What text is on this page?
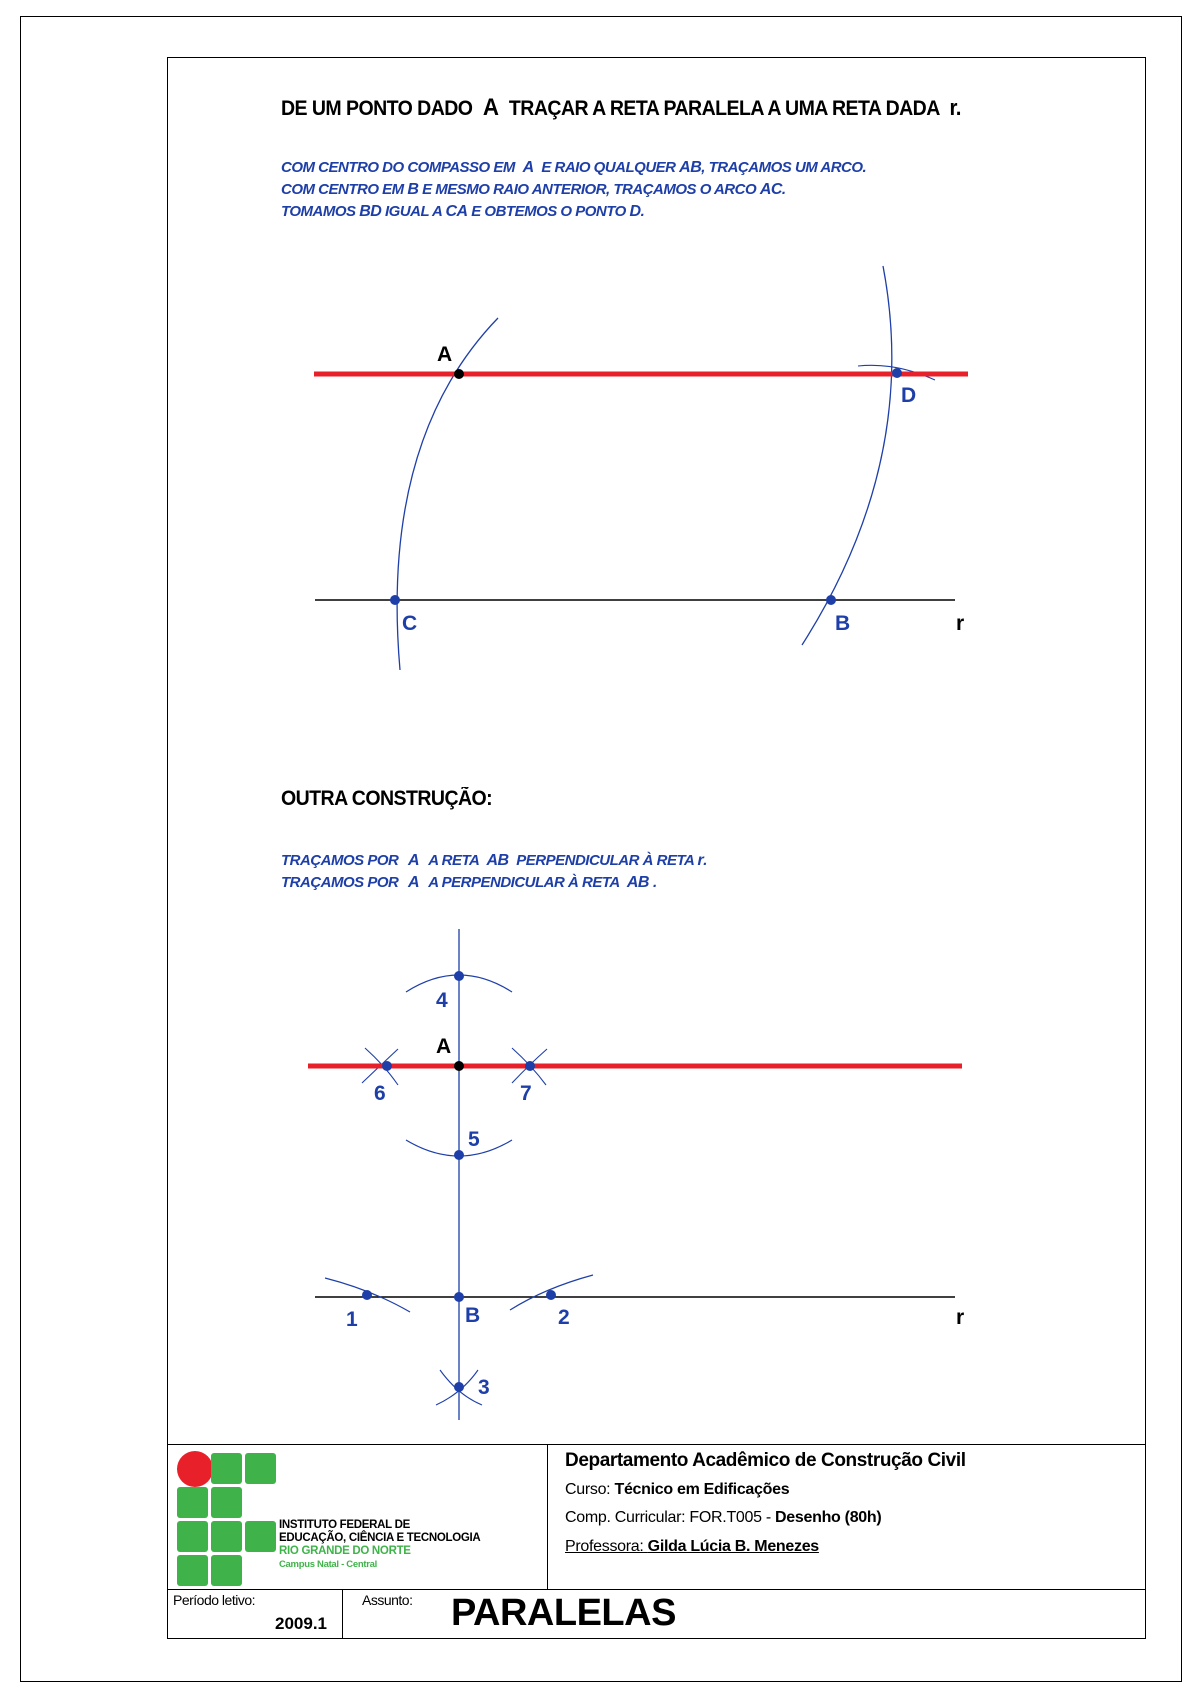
DE UM PONTO DADO A TRAÇAR A RETA PARALELA A UMA RETA DADA r.
COM CENTRO DO COMPASSO EM A E RAIO QUALQUER AB, TRAÇAMOS UM ARCO.
COM CENTRO EM B E MESMO RAIO ANTERIOR, TRAÇAMOS O ARCO AC.
TOMAMOS BD IGUAL A CA E OBTEMOS O PONTO D.
OUTRA CONSTRUÇÃO:
TRAÇAMOS POR A A RETA AB PERPENDICULAR À RETA r.
TRAÇAMOS POR A A PERPENDICULAR À RETA AB .
A
C	B
D
r
A
4
5
6	7
1	B	2
3
r
INSTITUTO FEDERAL DE
EDUCAÇÃO, CIÊNCIA E TECNOLOGIA
RIO GRANDE DO NORTE
Campus Natal - Central
Departamento Acadêmico de Construção Civil
Curso: Técnico em Edificações
Comp. Curricular: FOR.T005 - Desenho (80h)
Professora: Gilda Lúcia B. Menezes
Período letivo:
2009.1
Assunto: PARALELAS
